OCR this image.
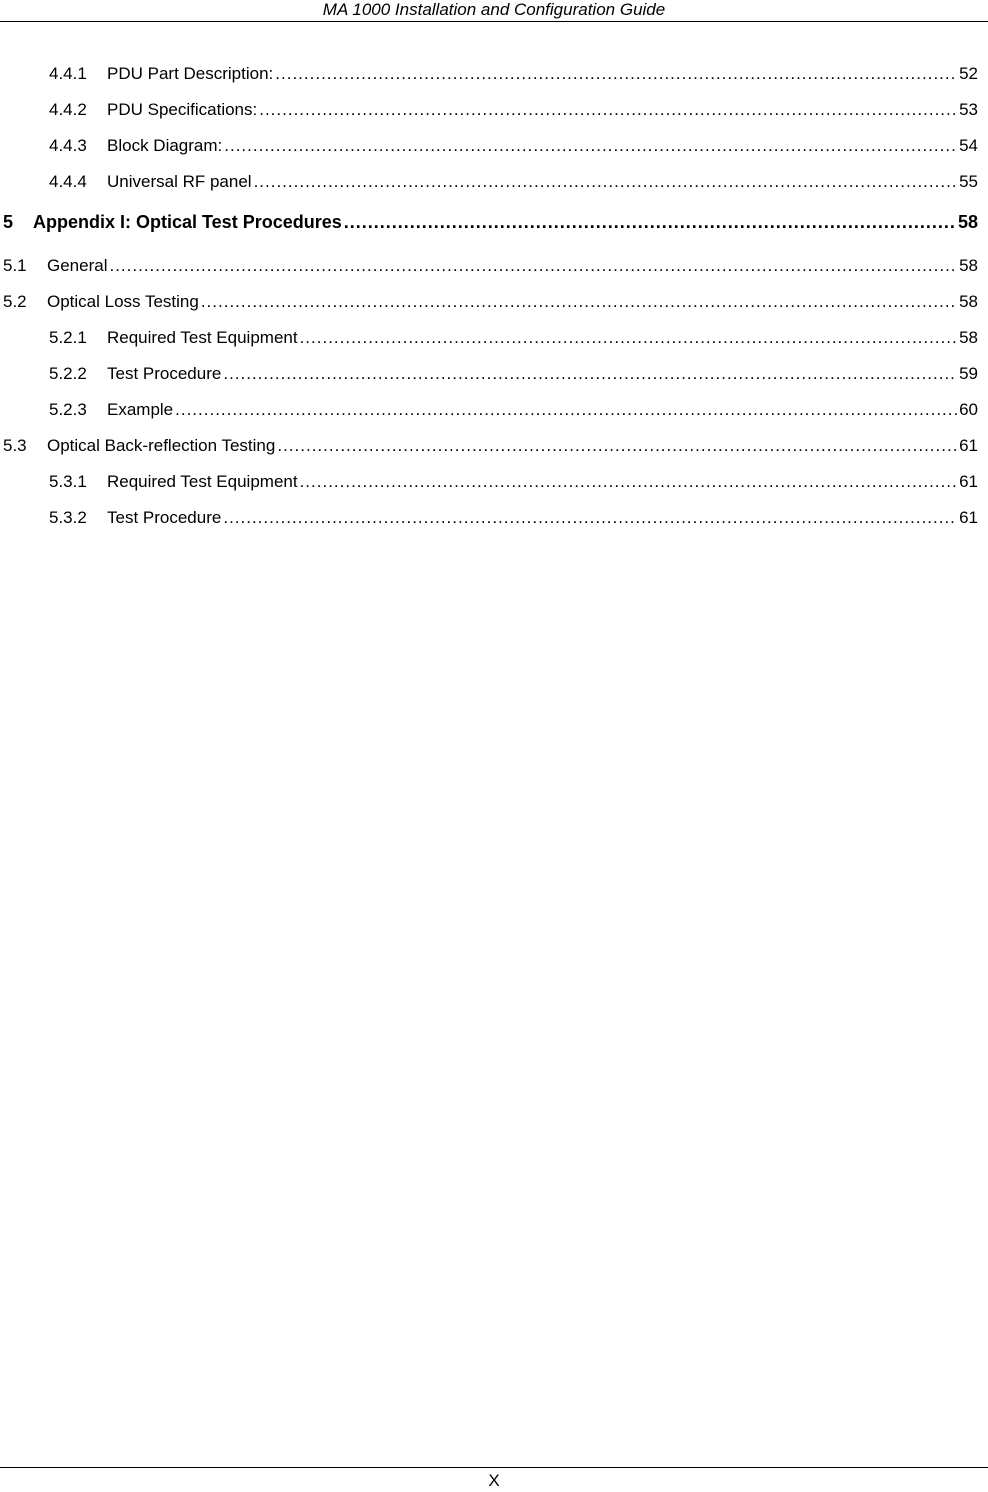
MA 1000 Installation and Configuration Guide
4.4.1	PDU Part Description: .....	52
4.4.2	PDU Specifications: .....	53
4.4.3	Block Diagram: .....	54
4.4.4	Universal RF panel .....	55
5	Appendix I: Optical Test Procedures .....	58
5.1	General .....	58
5.2	Optical Loss Testing .....	58
5.2.1	Required Test Equipment .....	58
5.2.2	Test Procedure .....	59
5.2.3	Example .....	60
5.3	Optical Back-reflection Testing .....	61
5.3.1	Required Test Equipment .....	61
5.3.2	Test Procedure .....	61
X
